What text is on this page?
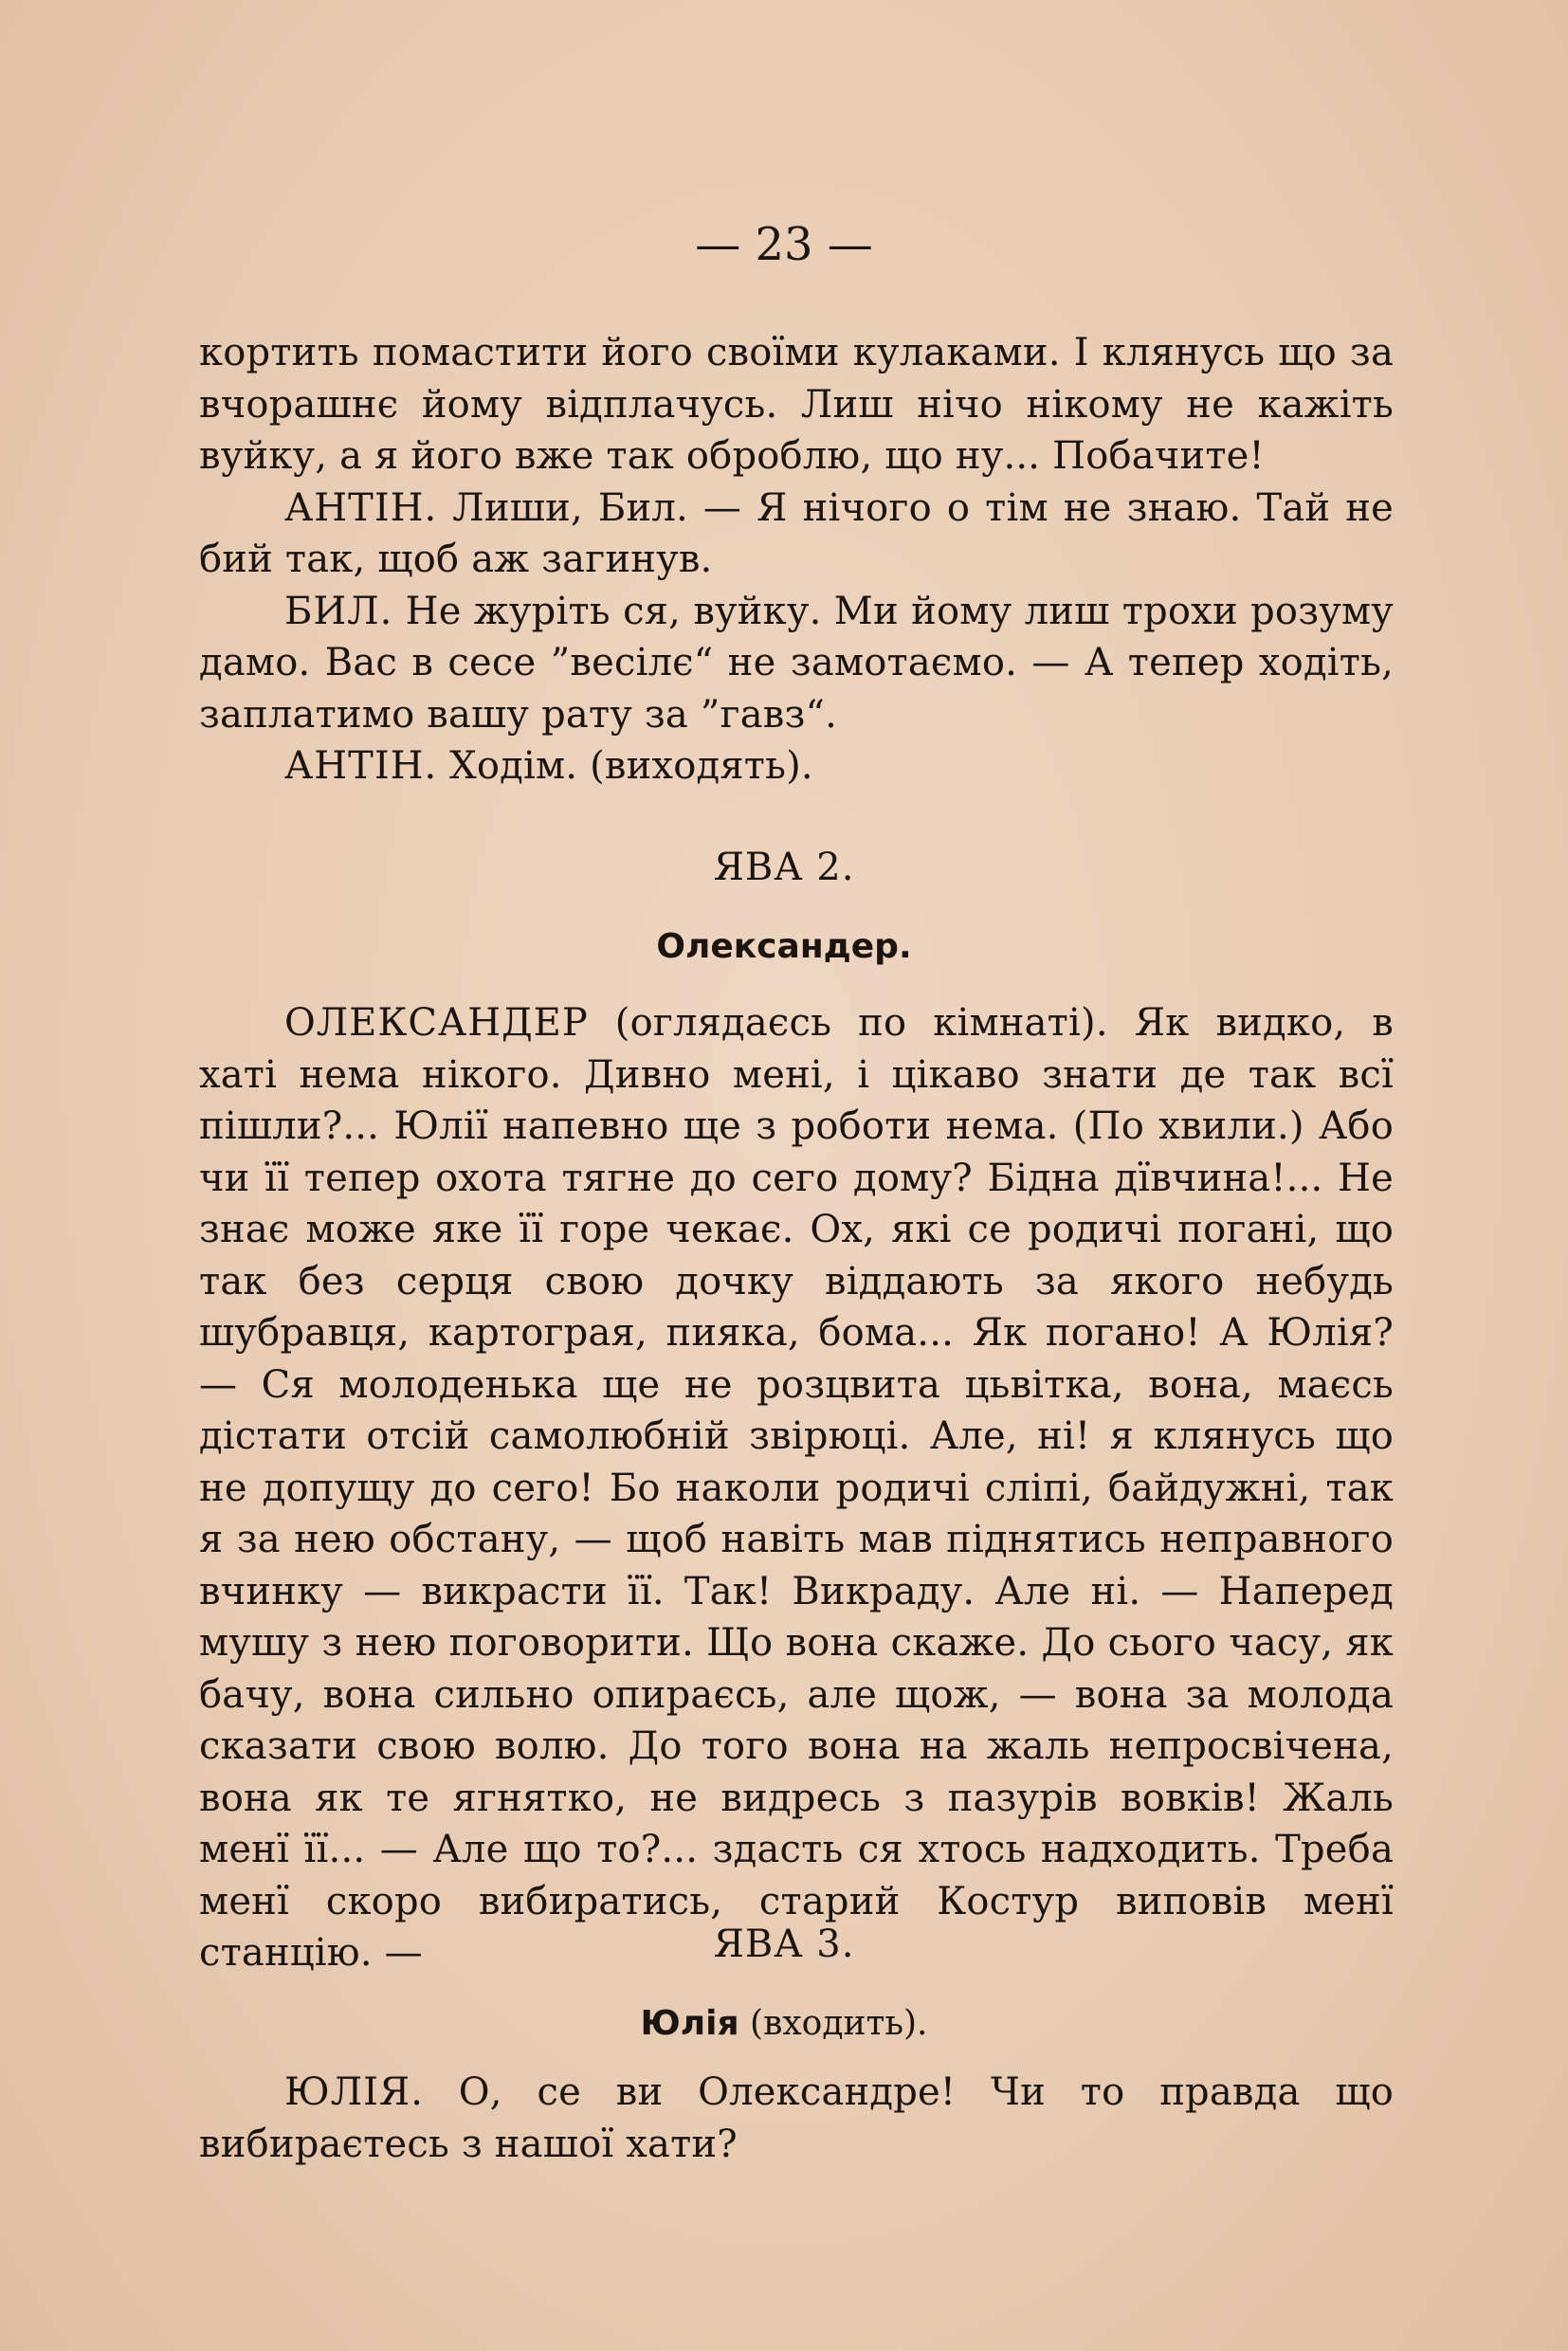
— 23 —

кортить помастити його своїми кулаками. І клянусь що за вчорашнє йому відплачусь. Лиш нічо нікому не кажіть вуйку, а я його вже так оброблю, що ну... Побачите!

АНТІН. Лиши, Бил. — Я нічого о тім не знаю. Тай не бий так, щоб аж загинув.

БИЛ. Не журіть ся, вуйку. Ми йому лиш трохи розуму дамо. Вас в сесе ”весілє“ не замотаємо. — А тепер ходіть, заплатимо вашу рату за ”гавз“.

АНТІН. Ходім. (виходять).

ЯВА 2.
Олександер.

ОЛЕКСАНДЕР (оглядаєсь по кімнаті). Як видко, в хаті нема нікого. Дивно мені, і цікаво знати де так всї пішли?... Юлії напевно ще з роботи нема. (По хвили.) Або чи її тепер охота тягне до сего дому? Бідна дївчина!... Не знає може яке її горе чекає. Ох, які се родичі погані, що так без серця свою дочку віддають за якого небудь шубравця, картограя, пияка, бома... Як погано! А Юлія? — Ся молоденька ще не розцвита цьвітка, вона, маєсь дістати отсій самолюбній звірюці. Але, ні! я клянусь що не допущу до сего! Бо наколи родичі сліпі, байдужні, так я за нею обстану, — щоб навіть мав піднятись неправного вчинку — викрасти її. Так! Викраду. Але ні. — Наперед мушу з нею поговорити. Що вона скаже. До сього часу, як бачу, вона сильно опираєсь, але щож, — вона за молода сказати свою волю. До того вона на жаль непросвічена, вона як те ягнятко, не видресь з пазурів вовків! Жаль менї її... — Але що то?... здасть ся хтось надходить. Треба менї скоро вибиратись, старий Костур виповів менї станцію. —	ЯВА 3.
Юлія (входить).

ЮЛІЯ. О, се ви Олександре! Чи то правда що вибираєтесь з нашої хати?
